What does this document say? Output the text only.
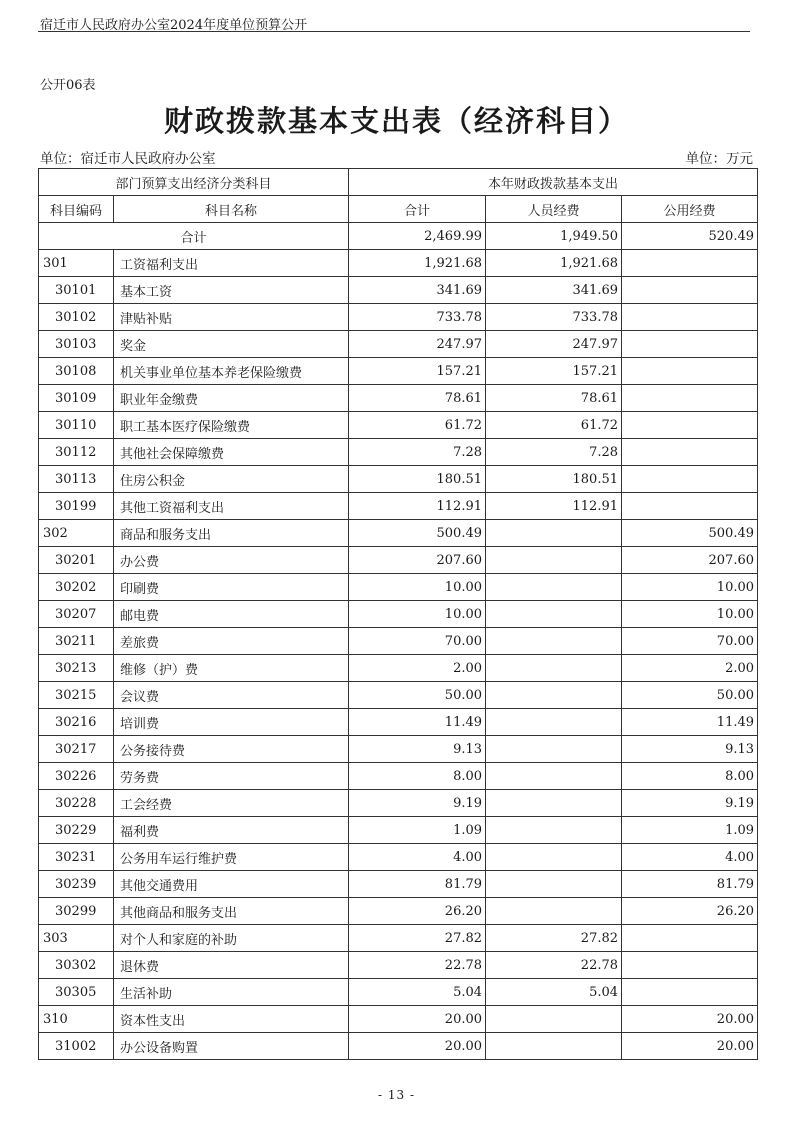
宿迁市人民政府办公室2024年度单位预算公开
公开06表
财政拨款基本支出表（经济科目）
单位：宿迁市人民政府办公室	单位：万元
部门预算支出经济分类科目		本年财政拨款基本支出		
科目编码	科目名称	合计	人员经费	公用经费
合计		2,469.99	1,949.50	520.49
301	工资福利支出	1,921.68	1,921.68	
30101	基本工资	341.69	341.69	
30102	津贴补贴	733.78	733.78	
30103	奖金	247.97	247.97	
30108	机关事业单位基本养老保险缴费	157.21	157.21	
30109	职业年金缴费	78.61	78.61	
30110	职工基本医疗保险缴费	61.72	61.72	
30112	其他社会保障缴费	7.28	7.28	
30113	住房公积金	180.51	180.51	
30199	其他工资福利支出	112.91	112.91	
302	商品和服务支出	500.49		500.49
30201	办公费	207.60		207.60
30202	印刷费	10.00		10.00
30207	邮电费	10.00		10.00
30211	差旅费	70.00		70.00
30213	维修（护）费	2.00		2.00
30215	会议费	50.00		50.00
30216	培训费	11.49		11.49
30217	公务接待费	9.13		9.13
30226	劳务费	8.00		8.00
30228	工会经费	9.19		9.19
30229	福利费	1.09		1.09
30231	公务用车运行维护费	4.00		4.00
30239	其他交通费用	81.79		81.79
30299	其他商品和服务支出	26.20		26.20
303	对个人和家庭的补助	27.82	27.82	
30302	退休费	22.78	22.78	
30305	生活补助	5.04	5.04	
310	资本性支出	20.00		20.00
31002	办公设备购置	20.00		20.00
- 13 -
